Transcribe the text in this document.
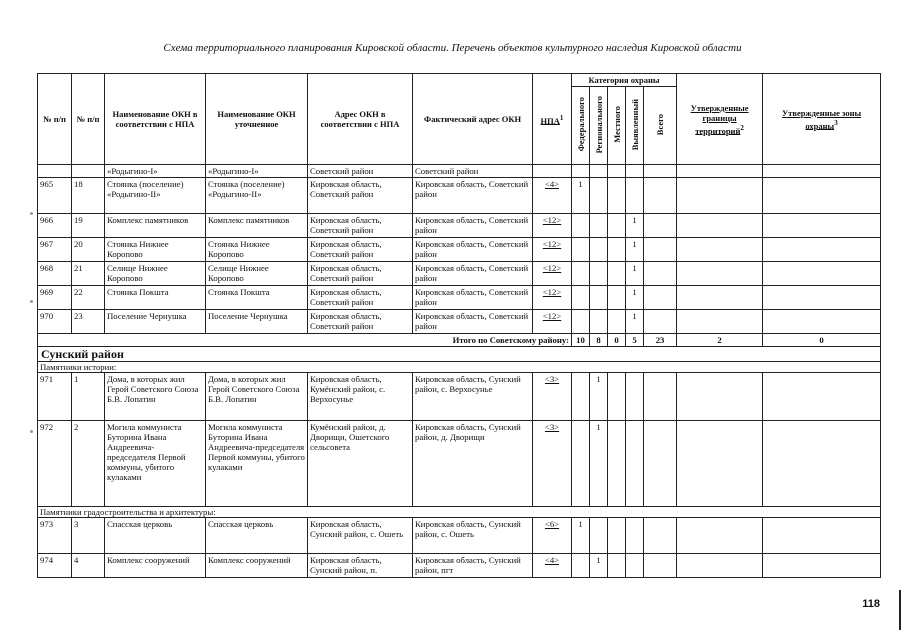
Схема территориального планирования Кировской области. Перечень объектов культурного наследия Кировской области
№ п/п	№ п/п	Наименование ОКН в соответствии с НПА	Наименование ОКН уточненное	Адрес ОКН в соответствии с НПА	Фактический адрес ОКН	НПА$^1$	Категория охраны					Утвержденные границы территорий$^2$	Утвержденные зоны охраны$^3$
							Федерального	Регионального	Местного	Выявленный	Всего		
		«Родыгино-I»	«Родыгино-I»	Советский район	Советский район								
965	18	Стоянка (поселение) «Родыгино-II»	Стоянка (поселение) «Родыгино-II»	Кировская область, Советский район	Кировская область, Советский район	<4>	1						
966	19	Комплекс памятников	Комплекс памятников	Кировская область, Советский район	Кировская область, Советский район	<12>				1			
967	20	Стоянка Нижнее Коропово	Стоянка Нижнее Коропово	Кировская область, Советский район	Кировская область, Советский район	<12>				1			
968	21	Селище Нижнее Коропово	Селище Нижнее Коропово	Кировская область, Советский район	Кировская область, Советский район	<12>				1			
969	22	Стоянка Покшта	Стоянка Покшта	Кировская область, Советский район	Кировская область, Советский район	<12>				1			
970	23	Поселение Чернушка	Поселение Чернушка	Кировская область, Советский район	Кировская область, Советский район	<12>				1			
Итого по Советскому району:							10	8	0	5	23	2	0
Сунский район													
Памятники истории:													
971	1	Дома, в которых жил Герой Советского Союза Б.В. Лопатин	Дома, в которых жил Герой Советского Союза Б.В. Лопатин	Кировская область, Кумёнский район, с. Верхосунье	Кировская область, Сунский район, с. Верхосунье	<3>		1					
972	2	Могила коммуниста Буторина Ивана Андреевича-председателя Первой коммуны, убитого кулаками	Могила коммуниста Буторина Ивана Андреевича-председателя Первой коммуны, убитого кулаками	Кумёнский район, д. Дворищи, Ошетского сельсовета	Кировская область, Сунский район, д. Дворищи	<3>		1					
Памятники градостроительства и архитектуры:													
973	3	Спасская церковь	Спасская церковь	Кировская область, Сунский район, с. Ошеть	Кировская область, Сунский район, с. Ошеть	<6>	1						
974	4	Комплекс сооружений	Комплекс сооружений	Кировская область, Сунский район, п.	Кировская область, Сунский район, пгт	<4>		1					
118
